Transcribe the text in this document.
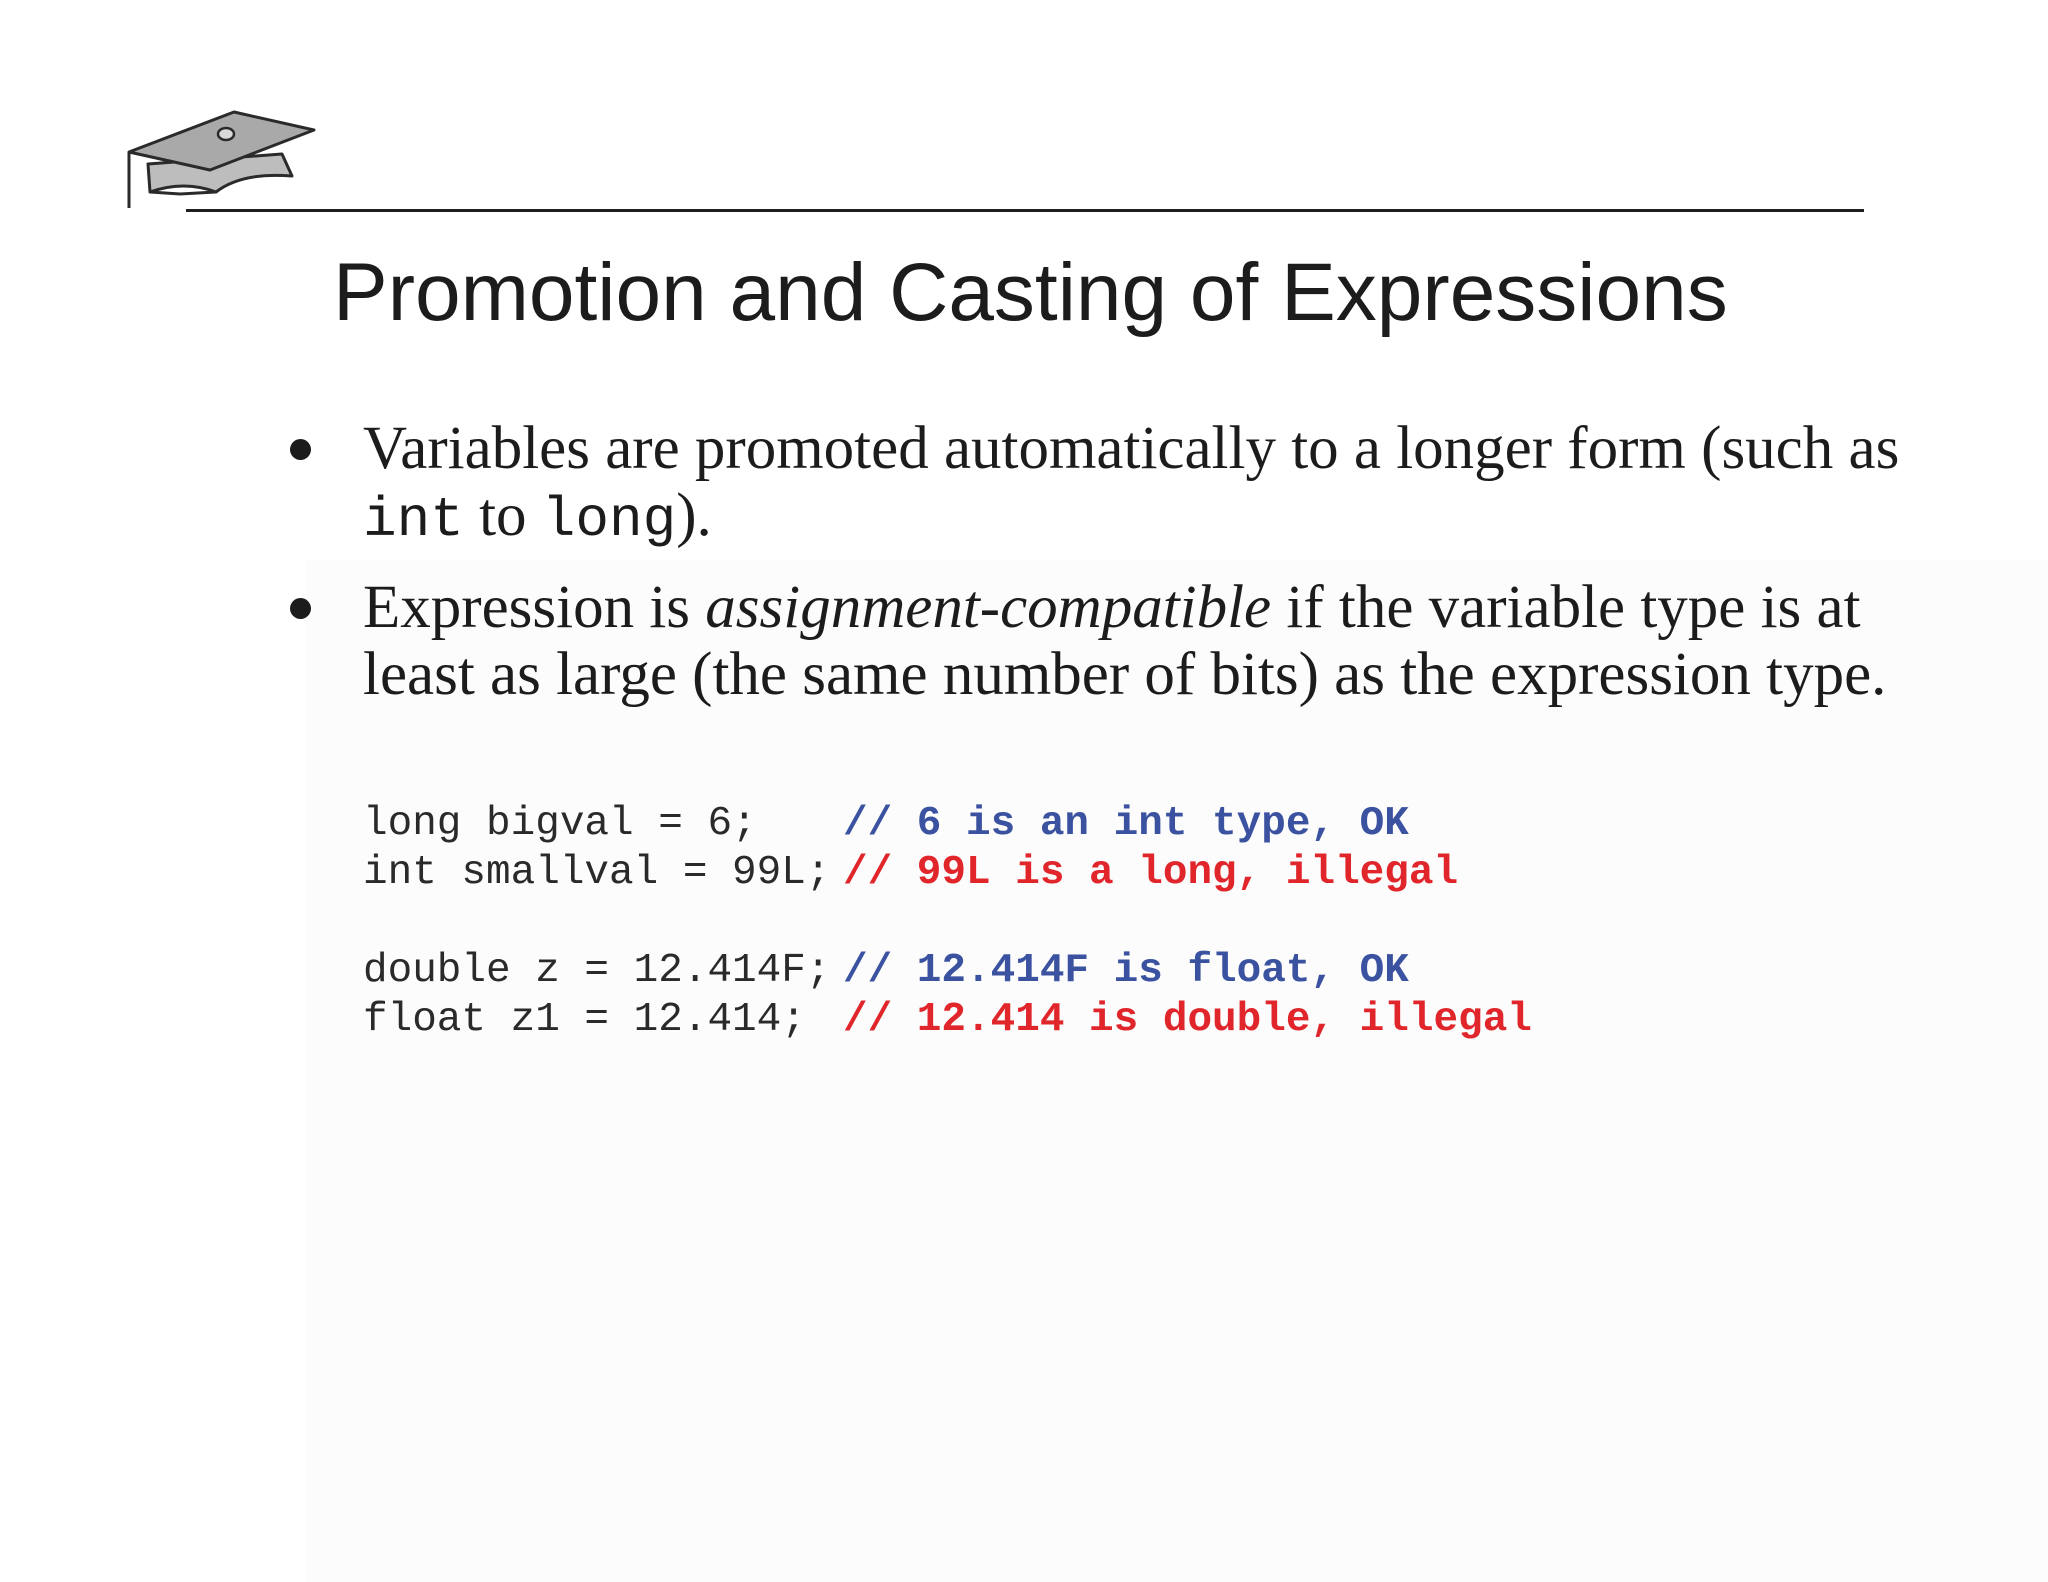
Promotion and Casting of Expressions
Variables are promoted automatically to a longer form (such as int to long).
Expression is assignment-compatible if the variable type is at least as large (the same number of bits) as the expression type.
long bigval = 6;	// 6 is an int type, OK
int smallval = 99L; // 99L is a long, illegal
double z = 12.414F; // 12.414F is float, OK
float z1 = 12.414; // 12.414 is double, illegal
